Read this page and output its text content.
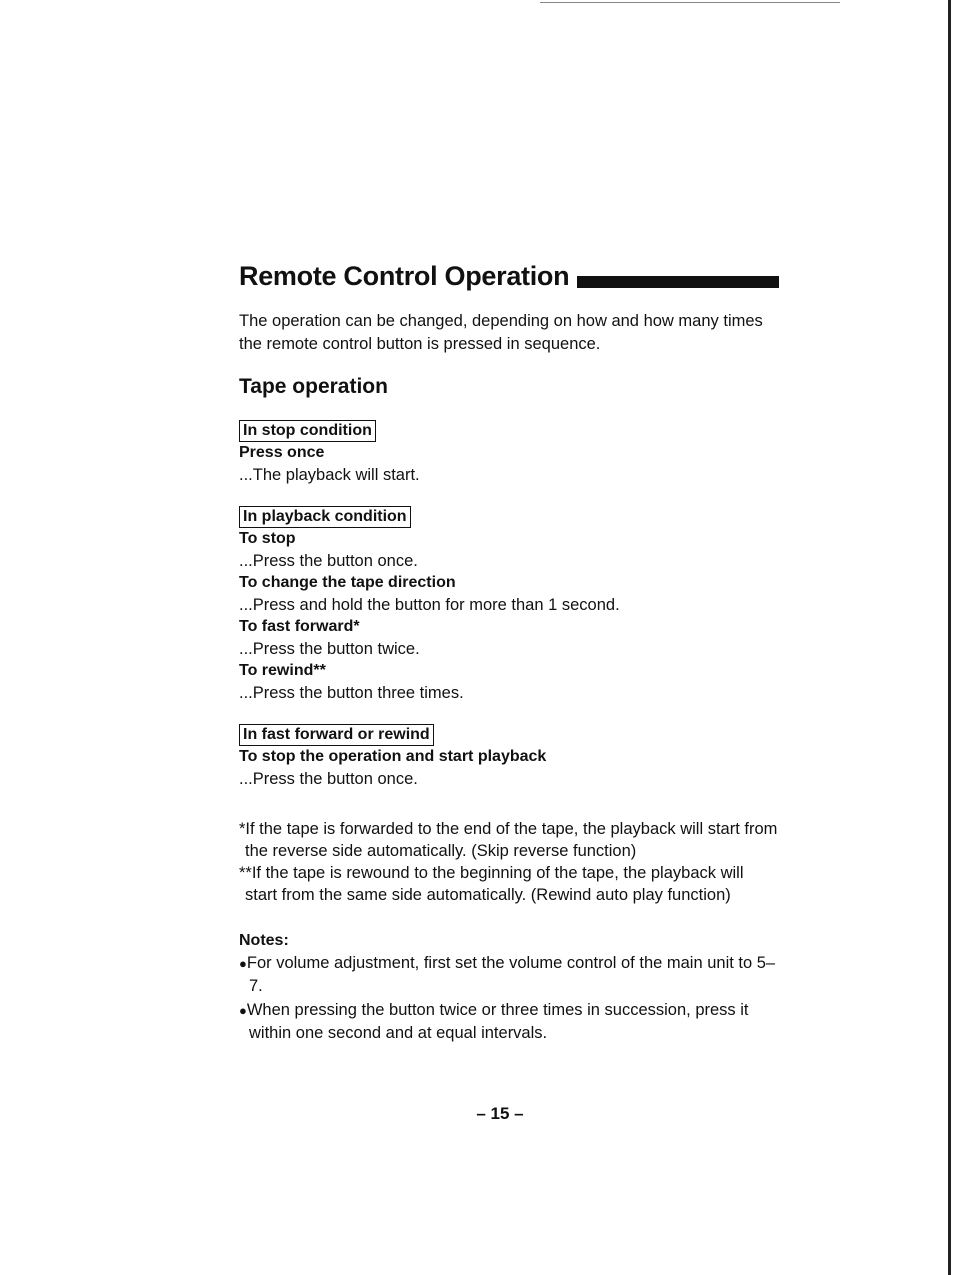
Remote Control Operation
The operation can be changed, depending on how and how many times the remote control button is pressed in sequence.
Tape operation
In stop condition
Press once
...The playback will start.
In playback condition
To stop
...Press the button once.
To change the tape direction
...Press and hold the button for more than 1 second.
To fast forward*
...Press the button twice.
To rewind**
...Press the button three times.
In fast forward or rewind
To stop the operation and start playback
...Press the button once.
*If the tape is forwarded to the end of the tape, the playback will start from the reverse side automatically. (Skip reverse function)
**If the tape is rewound to the beginning of the tape, the playback will start from the same side automatically. (Rewind auto play function)
Notes:
●For volume adjustment, first set the volume control of the main unit to 5–7.
●When pressing the button twice or three times in succession, press it within one second and at equal intervals.
– 15 –
